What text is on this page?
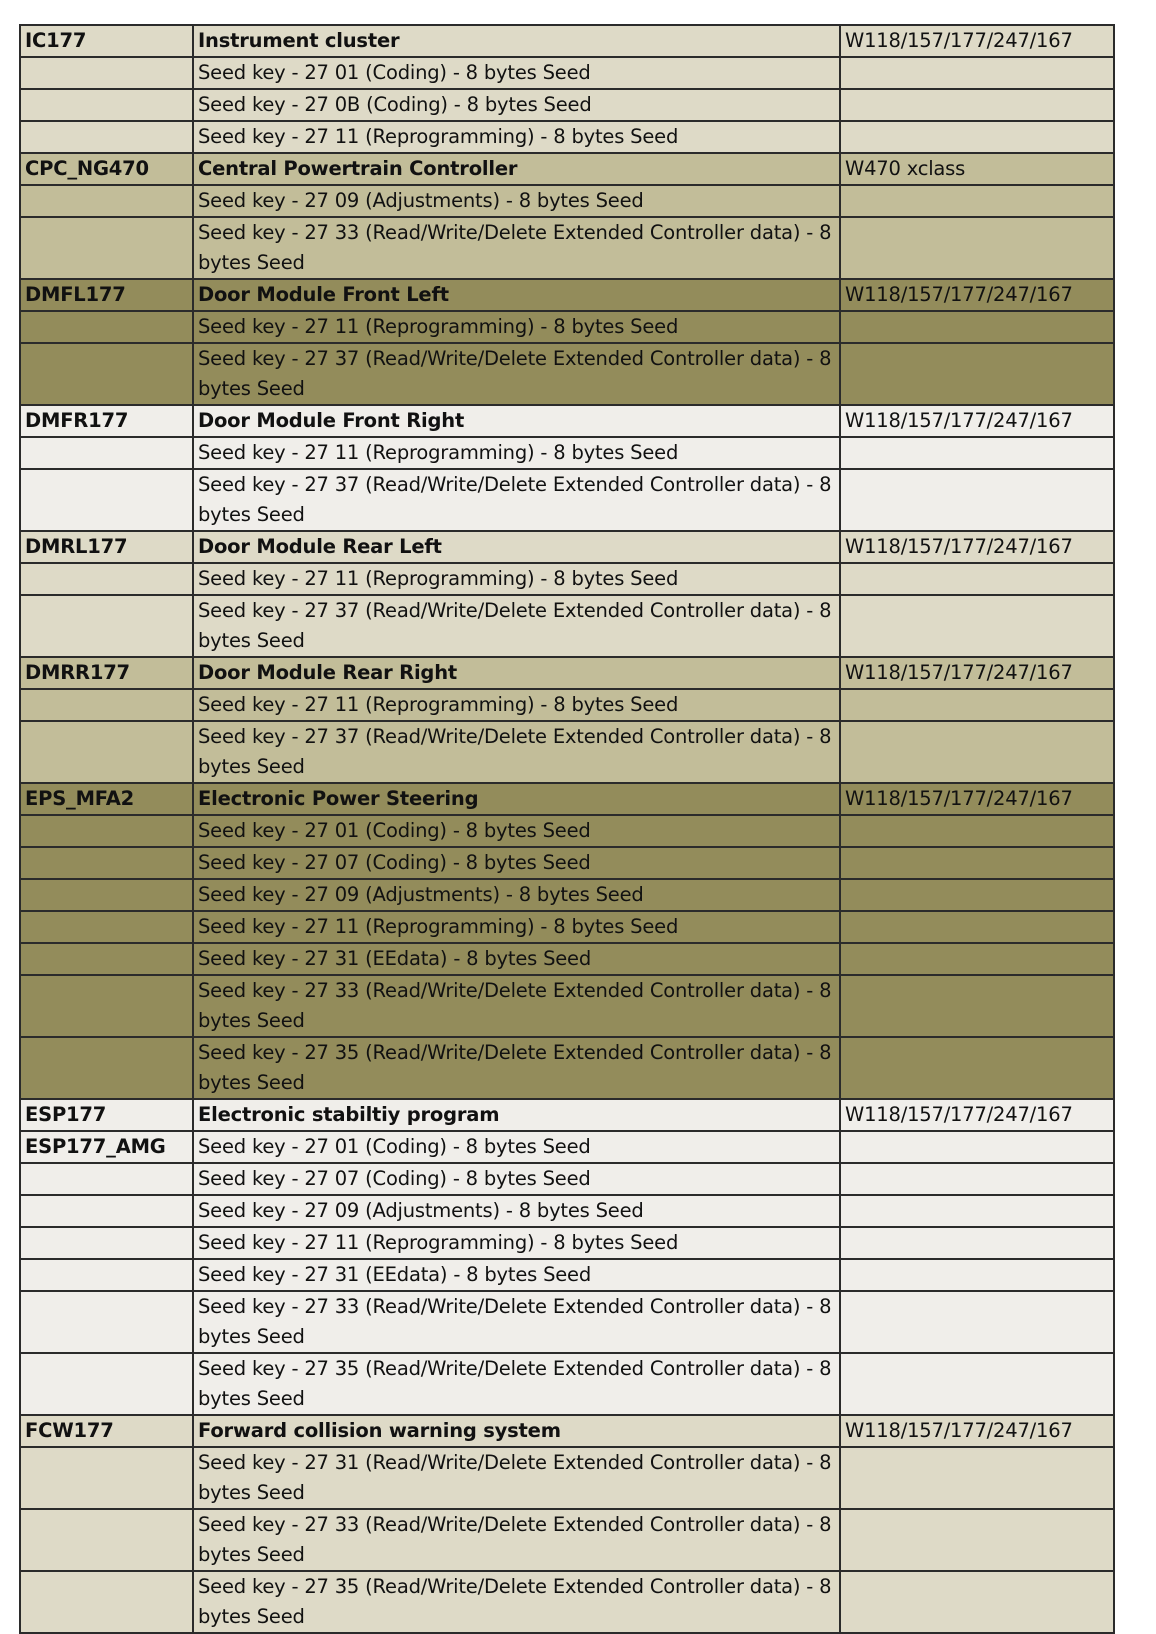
IC177	Instrument cluster	W118/157/177/247/167
	Seed key - 27 01 (Coding) - 8 bytes Seed	
	Seed key - 27 0B (Coding) - 8 bytes Seed	
	Seed key - 27 11 (Reprogramming) - 8 bytes Seed	
CPC_NG470	Central Powertrain Controller	W470 xclass
	Seed key - 27 09 (Adjustments) - 8 bytes Seed	
	Seed key - 27 33 (Read/Write/Delete Extended Controller data) - 8 bytes Seed	
DMFL177	Door Module Front Left	W118/157/177/247/167
	Seed key - 27 11 (Reprogramming) - 8 bytes Seed	
	Seed key - 27 37 (Read/Write/Delete Extended Controller data) - 8 bytes Seed	
DMFR177	Door Module Front Right	W118/157/177/247/167
	Seed key - 27 11 (Reprogramming) - 8 bytes Seed	
	Seed key - 27 37 (Read/Write/Delete Extended Controller data) - 8 bytes Seed	
DMRL177	Door Module Rear Left	W118/157/177/247/167
	Seed key - 27 11 (Reprogramming) - 8 bytes Seed	
	Seed key - 27 37 (Read/Write/Delete Extended Controller data) - 8 bytes Seed	
DMRR177	Door Module Rear Right	W118/157/177/247/167
	Seed key - 27 11 (Reprogramming) - 8 bytes Seed	
	Seed key - 27 37 (Read/Write/Delete Extended Controller data) - 8 bytes Seed	
EPS_MFA2	Electronic Power Steering	W118/157/177/247/167
	Seed key - 27 01 (Coding) - 8 bytes Seed	
	Seed key - 27 07 (Coding) - 8 bytes Seed	
	Seed key - 27 09 (Adjustments) - 8 bytes Seed	
	Seed key - 27 11 (Reprogramming) - 8 bytes Seed	
	Seed key - 27 31 (EEdata) - 8 bytes Seed	
	Seed key - 27 33 (Read/Write/Delete Extended Controller data) - 8 bytes Seed	
	Seed key - 27 35 (Read/Write/Delete Extended Controller data) - 8 bytes Seed	
ESP177	Electronic stabiltiy program	W118/157/177/247/167
ESP177_AMG	Seed key - 27 01 (Coding) - 8 bytes Seed	
	Seed key - 27 07 (Coding) - 8 bytes Seed	
	Seed key - 27 09 (Adjustments) - 8 bytes Seed	
	Seed key - 27 11 (Reprogramming) - 8 bytes Seed	
	Seed key - 27 31 (EEdata) - 8 bytes Seed	
	Seed key - 27 33 (Read/Write/Delete Extended Controller data) - 8 bytes Seed	
	Seed key - 27 35 (Read/Write/Delete Extended Controller data) - 8 bytes Seed	
FCW177	Forward collision warning system	W118/157/177/247/167
	Seed key - 27 31 (Read/Write/Delete Extended Controller data) - 8 bytes Seed	
	Seed key - 27 33 (Read/Write/Delete Extended Controller data) - 8 bytes Seed	
	Seed key - 27 35 (Read/Write/Delete Extended Controller data) - 8 bytes Seed	
